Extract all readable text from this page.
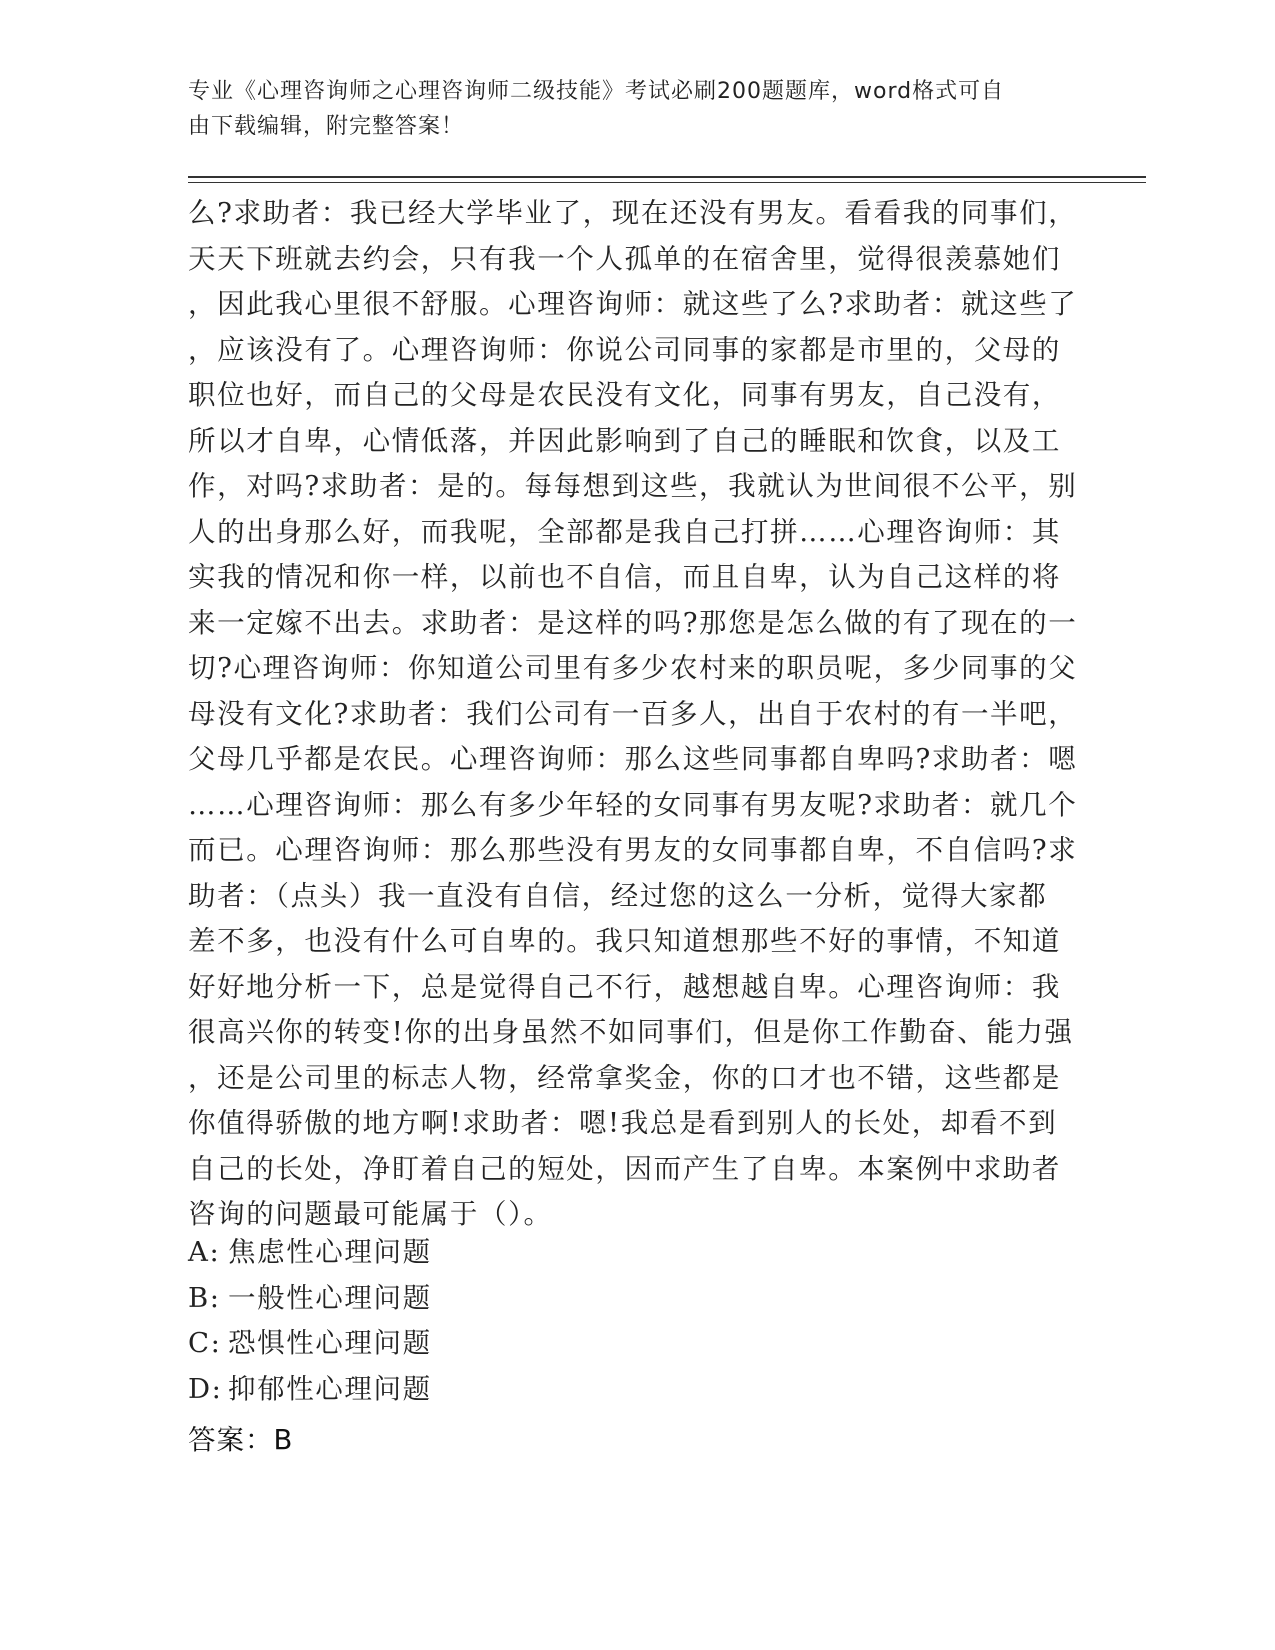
专业《心理咨询师之心理咨询师二级技能》考试必刷200题题库，word格式可自
由下载编辑，附完整答案！
么?求助者：我已经大学毕业了，现在还没有男友。看看我的同事们，
天天下班就去约会，只有我一个人孤单的在宿舍里，觉得很羡慕她们
，因此我心里很不舒服。心理咨询师：就这些了么?求助者：就这些了
，应该没有了。心理咨询师：你说公司同事的家都是市里的，父母的
职位也好，而自己的父母是农民没有文化，同事有男友，自己没有，
所以才自卑，心情低落，并因此影响到了自己的睡眠和饮食，以及工
作，对吗?求助者：是的。每每想到这些，我就认为世间很不公平，别
人的出身那么好，而我呢，全部都是我自己打拼……心理咨询师：其
实我的情况和你一样，以前也不自信，而且自卑，认为自己这样的将
来一定嫁不出去。求助者：是这样的吗?那您是怎么做的有了现在的一
切?心理咨询师：你知道公司里有多少农村来的职员呢，多少同事的父
母没有文化?求助者：我们公司有一百多人，出自于农村的有一半吧，
父母几乎都是农民。心理咨询师：那么这些同事都自卑吗?求助者：嗯
……心理咨询师：那么有多少年轻的女同事有男友呢?求助者：就几个
而已。心理咨询师：那么那些没有男友的女同事都自卑，不自信吗?求
助者：（点头）我一直没有自信，经过您的这么一分析，觉得大家都
差不多，也没有什么可自卑的。我只知道想那些不好的事情，不知道
好好地分析一下，总是觉得自己不行，越想越自卑。心理咨询师：我
很高兴你的转变!你的出身虽然不如同事们，但是你工作勤奋、能力强
，还是公司里的标志人物，经常拿奖金，你的口才也不错，这些都是
你值得骄傲的地方啊!求助者：嗯!我总是看到别人的长处，却看不到
自己的长处，净盯着自己的短处，因而产生了自卑。本案例中求助者
咨询的问题最可能属于（）。
A: 焦虑性心理问题
B: 一般性心理问题
C: 恐惧性心理问题
D: 抑郁性心理问题
答案：B
